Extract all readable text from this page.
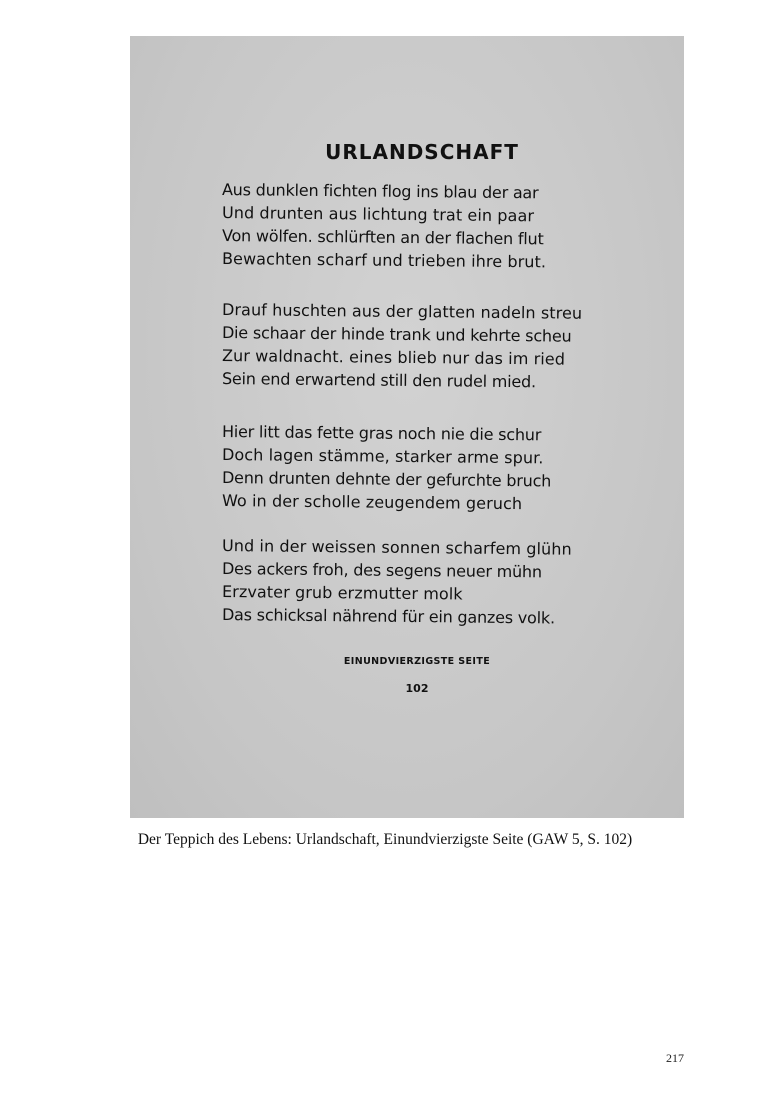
URLANDSCHAFT

Aus dunklen fichten flog ins blau der aar

Und drunten aus lichtung trat ein paar

Von wölfen. schlürften an der flachen flut

Bewachten scharf und trieben ihre brut.

Drauf huschten aus der glatten nadeln streu

Die schaar der hinde trank und kehrte scheu

Zur waldnacht. eines blieb nur das im ried

Sein end erwartend still den rudel mied.

Hier litt das fette gras noch nie die schur

Doch lagen stämme, starker arme spur.

Denn drunten dehnte der gefurchte bruch

Wo in der scholle zeugendem geruch

Und in der weissen sonnen scharfem glühn

Des ackers froh, des segens neuer mühn

Erzvater grub erzmutter molk

Das schicksal nährend für ein ganzes volk.

EINUNDVIERZIGSTE SEITE
102
Der Teppich des Lebens: Urlandschaft, Einundvierzigste Seite (GAW 5, S. 102)
217
